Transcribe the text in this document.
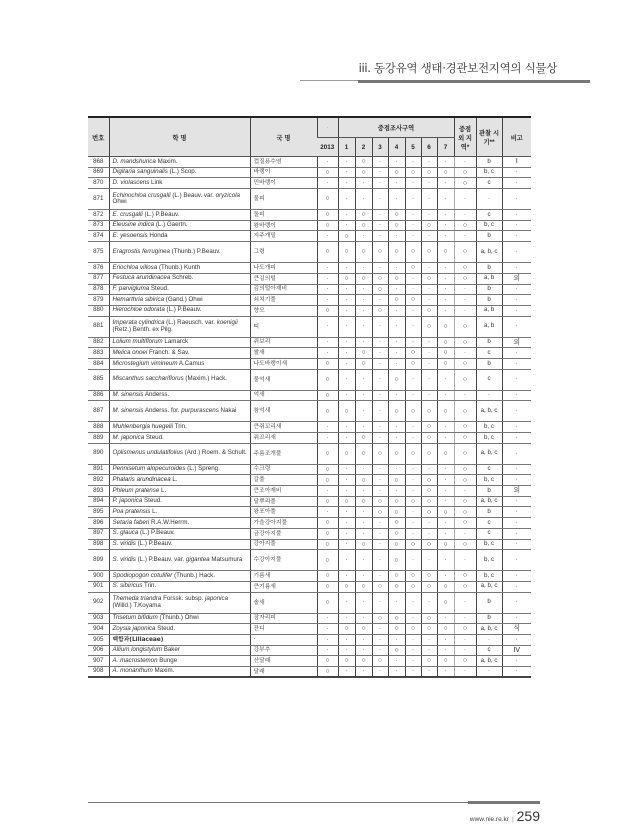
iii. 동강유역 생태·경관보전지역의 식물상
번호	학 명	국 명	·	중점조사구역							중점외 지역*	관찰 시기**	비고
			2013	1	2	3	4	5	6	7			
868	D. mandshurica Maxim.	껍질용수염	·	·	○	·	·	·	·	·	·	b	Ⅰ
869	Digitaria sanguinalis (L.) Scop.	바랭이	○	·	○	·	○	○	○	○	○	b, c	·
870	D. violascens Link	민바랭이	·	·	·	·	·	·	·	·	○	c	·
871	Echinochloa crusgalli (L.) Beauv. var. oryzicola Ohwi	물피	○	·	·	·	·	·	·	·	·	·	·
872	E. crusgalli (L.) P.Beauv.	돌피	○	·	○	·	○	·	·	·	·	c	·
873	Eleusine indica (L.) Gaertn.	왕바랭이	○	·	○	·	○	·	○	·	○	b, c	·
874	E. yesoensis Honda	지주개밀	·	○	·	·	·	·	·	·	·	b	·
875	Eragrostis ferruginea (Thunb.) P.Beauv.	그령	○	○	○	○	○	○	○	○	○	a, b, c	·
876	Eriochloa villosa (Thunb.) Kunth	나도개피	·	·	·	·	·	○	·	·	○	b	·
877	Festuca arundinacea Schreb.	큰김의털	·	○	○	○	○	·	○	·	○	a, b	외
878	F. parvigluma Steud.	김의털아재비	·	·	·	○	·	·	·	·	·	b	·
879	Hemarthria sibirica (Gand.) Ohwi	쇠치기풀	·	·	·	·	○	○	·	·	·	b	·
880	Hierochloe odorata (L.) P.Beauv.	향모	○	·	·	○	·	·	○	·	·	a, b	·
881	Imperata cylindrica (L.) Raeusch. var. koenigii (Retz.) Benth. ex Pilg.	띠	·	·	·	·	·	·	○	○	○	a, b	·
882	Lolium multiflorum Lamarck	쥐보리	·	·	·	·	·	·	·	○	○	b	외
883	Melica onoei Franch. & Sav.	쌀새	·	·	○	·	·	○	·	○	·	c	·
884	Microstegium vimineum A.Camus	나도바랭이새	○	·	○	·	·	○	·	○	○	b	·
885	Miscanthus sacchariflorus (Maxim.) Hack.	물억새	○	·	·	·	○	·	·	·	○	c	·
886	M. sinensis Anderss.	억새	○	·	·	·	·	·	·	·	·	·	·
887	M. sinensis Anderss. for. purpurascens Nakai	참억새	○	○	·	·	○	○	○	○	○	a, b, c	·
888	Muhlenbergia huegelii Trin.	큰쥐꼬리새	·	·	·	·	·	·	○	·	○	b, c	·
889	M. japonica Steud.	쥐꼬리새	·	·	○	·	·	·	○	·	○	b, c	·
890	Oplismenus undulatifolius (Ard.) Roem. & Schult.	주름조개풀	○	○	○	○	○	○	○	○	○	a, b, c	·
891	Pennisetum alopecuroides (L.) Spreng.	수크령	○	·	·	·	·	·	·	·	○	c	·
892	Phalaris arundinacea L.	갈풀	○	·	○	·	○	·	○	·	○	b, c	·
893	Phleum pratense L.	큰조아재비	·	·	·	·	·	·	○	·	·	b	외
894	P. japonica Steud.	달뿌리풀	○	○	○	○	○	○	○	·	○	a, b, c	·
895	Poa pratensis L.	왕포아풀	·	·	·	○	○	·	○	○	○	b	·
896	Setaria faberi R.A.W.Herrm.	가을강아지풀	○	·	·	·	○	·	·	·	○	c	·
897	S. glauca (L.) P.Beauv.	금강아지풀	○	·	·	·	○	·	·	·	·	c	·
898	S. viridis (L.) P.Beauv.	강아지풀	○	·	○	·	○	○	○	○	○	b, c	·
899	S. viridis (L.) P.Beauv. var. gigantea Matsumura	수강아지풀	○	·	·	·	○	·	·	·	·	b, c	·
900	Spodiopogon cotulifer (Thunb.) Hack.	기름새	○	·	·	·	○	○	○	·	○	b, c	·
901	S. sibiricus Trin.	큰기름새	○	○	○	○	○	○	○	○	○	a, b, c	·
902	Themeda triandra Forssk. subsp. japonica (Willd.) T.Koyama	솔새	○	·	·	·	·	·	·	○	·	b	·
903	Trisetum bifidum (Thunb.) Ohwi	잠자리피	·	·	·	○	○	·	○	·	·	b	·
904	Zoysia japonica Steud.	잔디	·	○	○	·	○	○	○	○	○	a, b, c	식
905	백합과(Liliaceae)	·	·	·	·	·	·	·	·	·	·	·	·
906	Allium longistylum Baker	강부추	·	·	·	·	○	·	·	·	·	c	Ⅳ
907	A. macrostemon Bunge	산달래	○	○	○	○	·	·	○	○	○	a, b, c	·
908	A. monanthum Maxim.	달래	○	·	·	·	·	·	·	·	·	·	·
www.nie.re.kr | 259
